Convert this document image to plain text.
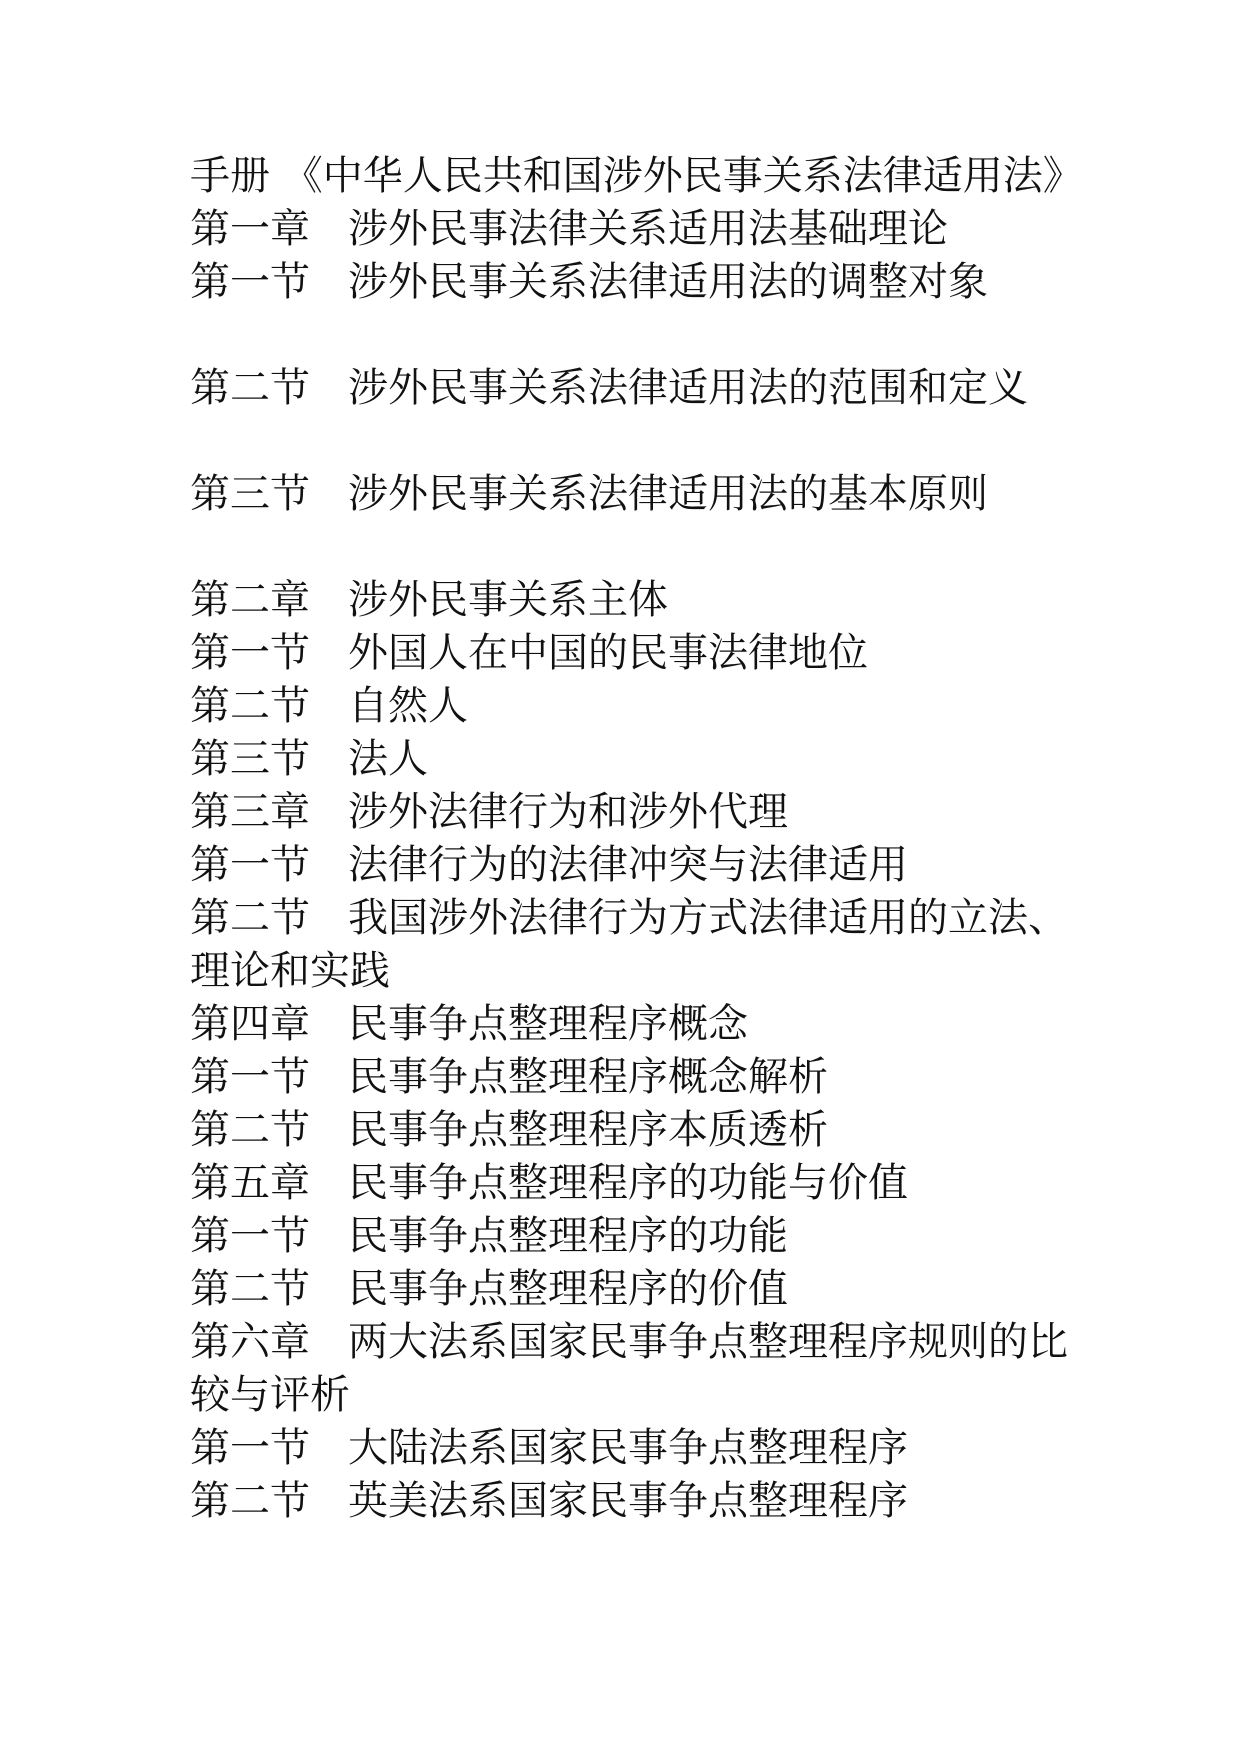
手册 《中华人民共和国涉外民事关系法律适用法》
第一章 涉外民事法律关系适用法基础理论
第一节 涉外民事关系法律适用法的调整对象
第二节 涉外民事关系法律适用法的范围和定义
第三节 涉外民事关系法律适用法的基本原则
第二章 涉外民事关系主体
第一节 外国人在中国的民事法律地位
第二节 自然人
第三节 法人
第三章 涉外法律行为和涉外代理
第一节 法律行为的法律冲突与法律适用
第二节 我国涉外法律行为方式法律适用的立法、理论和实践
第四章 民事争点整理程序概念
第一节 民事争点整理程序概念解析
第二节 民事争点整理程序本质透析
第五章 民事争点整理程序的功能与价值
第一节 民事争点整理程序的功能
第二节 民事争点整理程序的价值
第六章 两大法系国家民事争点整理程序规则的比较与评析
第一节 大陆法系国家民事争点整理程序
第二节 英美法系国家民事争点整理程序
